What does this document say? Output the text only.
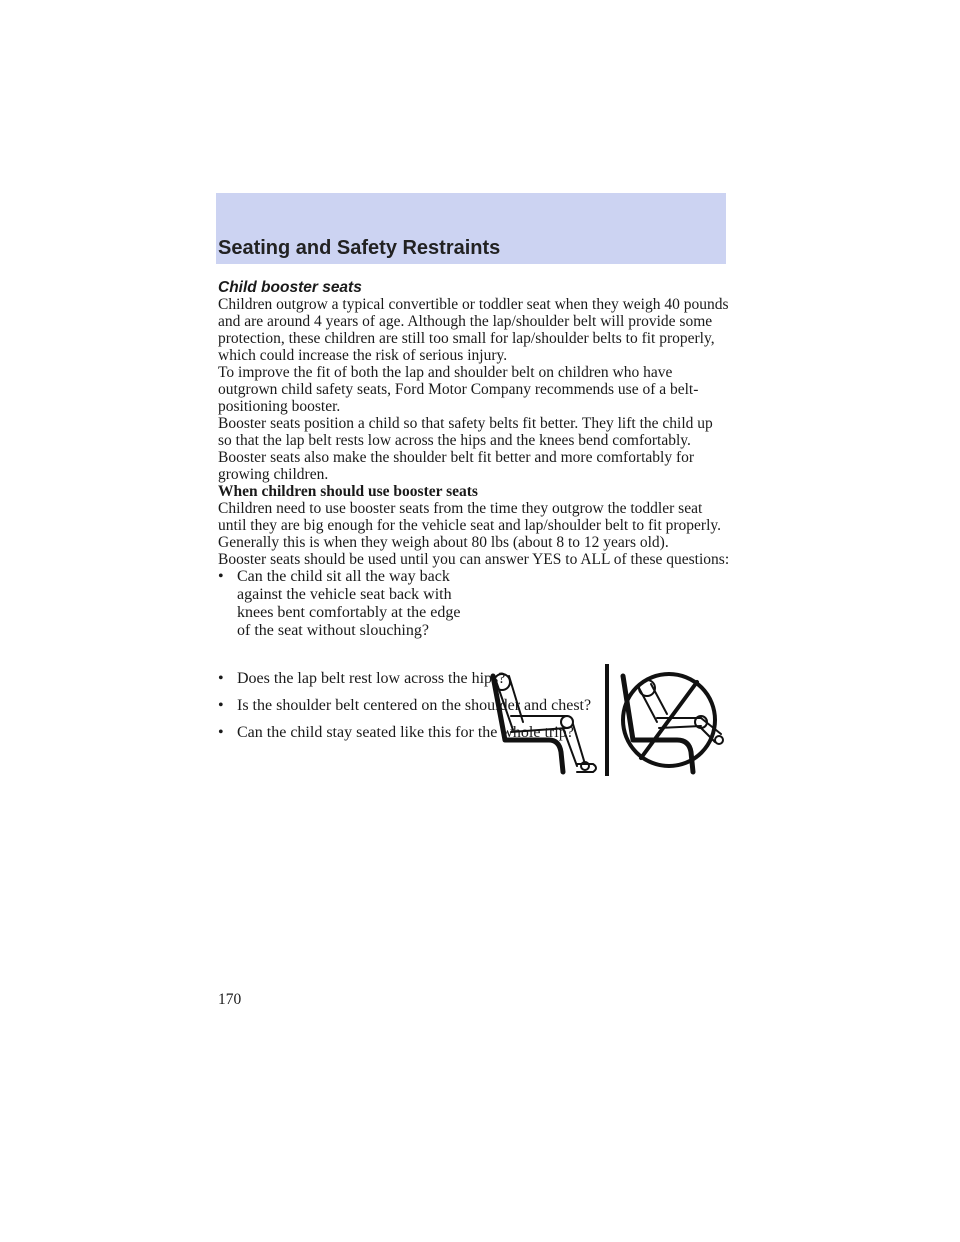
Seating and Safety Restraints
Child booster seats

Children outgrow a typical convertible or toddler seat when they weigh 40 pounds and are around 4 years of age. Although the lap/shoulder belt will provide some protection, these children are still too small for lap/shoulder belts to fit properly, which could increase the risk of serious injury.

To improve the fit of both the lap and shoulder belt on children who have outgrown child safety seats, Ford Motor Company recommends use of a belt-positioning booster.

Booster seats position a child so that safety belts fit better. They lift the child up so that the lap belt rests low across the hips and the knees bend comfortably. Booster seats also make the shoulder belt fit better and more comfortably for growing children.

When children should use booster seats

Children need to use booster seats from the time they outgrow the toddler seat until they are big enough for the vehicle seat and lap/shoulder belt to fit properly. Generally this is when they weigh about 80 lbs (about 8 to 12 years old).

Booster seats should be used until you can answer YES to ALL of these questions:

• Can the child sit all the way back against the vehicle seat back with knees bent comfortably at the edge of the seat without slouching?
• Does the lap belt rest low across the hips?
• Is the shoulder belt centered on the shoulder and chest?
• Can the child stay seated like this for the whole trip?
170
